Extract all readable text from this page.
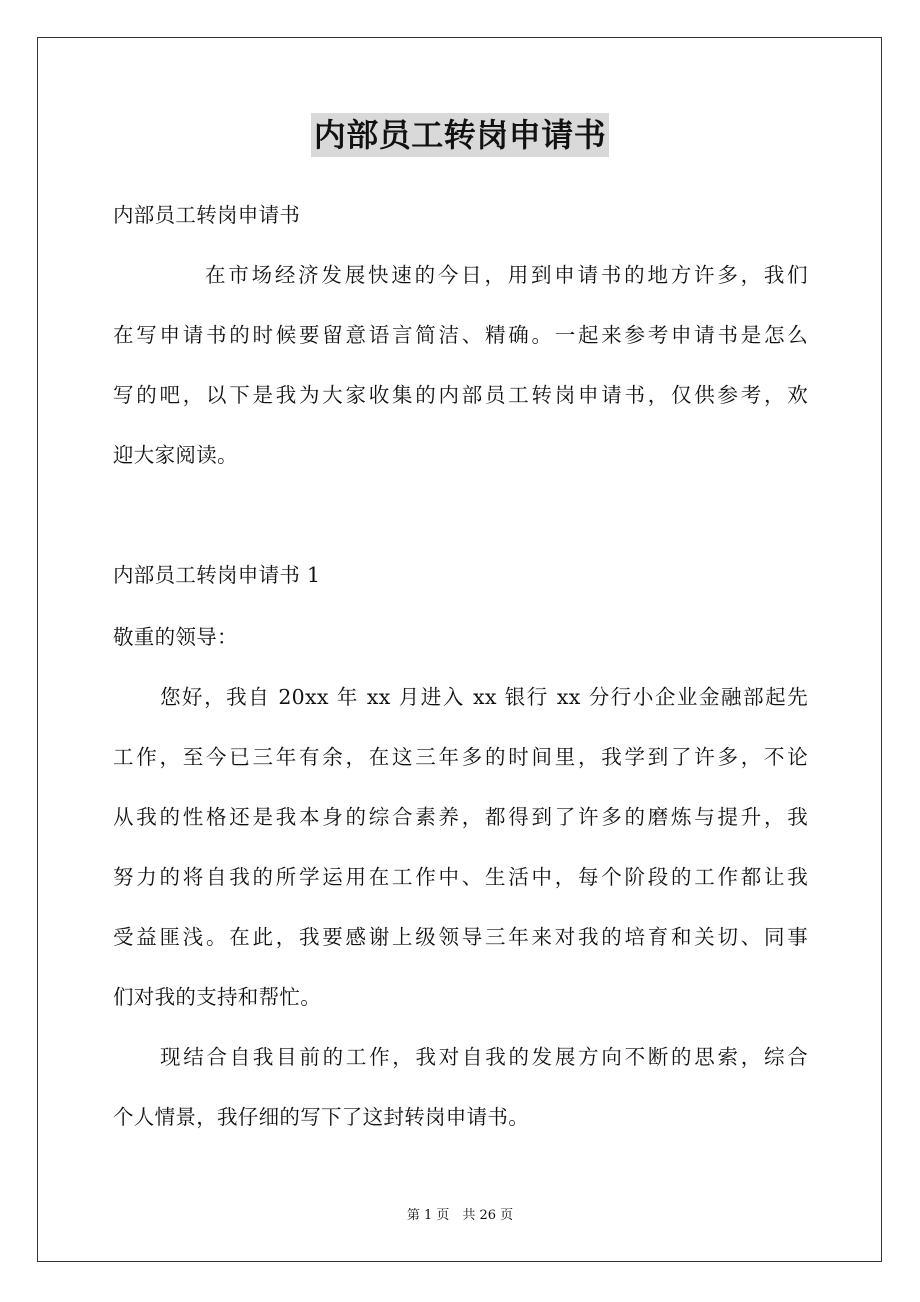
内部员工转岗申请书
内部员工转岗申请书
在市场经济发展快速的今日，用到申请书的地方许多，我们
在写申请书的时候要留意语言简洁、精确。一起来参考申请书是怎么
写的吧，以下是我为大家收集的内部员工转岗申请书，仅供参考，欢
迎大家阅读。
内部员工转岗申请书 1
敬重的领导：
您好，我自 20xx 年 xx 月进入 xx 银行 xx 分行小企业金融部起先
工作，至今已三年有余，在这三年多的时间里，我学到了许多，不论
从我的性格还是我本身的综合素养，都得到了许多的磨炼与提升，我
努力的将自我的所学运用在工作中、生活中，每个阶段的工作都让我
受益匪浅。在此，我要感谢上级领导三年来对我的培育和关切、同事
们对我的支持和帮忙。
现结合自我目前的工作，我对自我的发展方向不断的思索，综合
个人情景，我仔细的写下了这封转岗申请书。
第 1 页　共 26 页
